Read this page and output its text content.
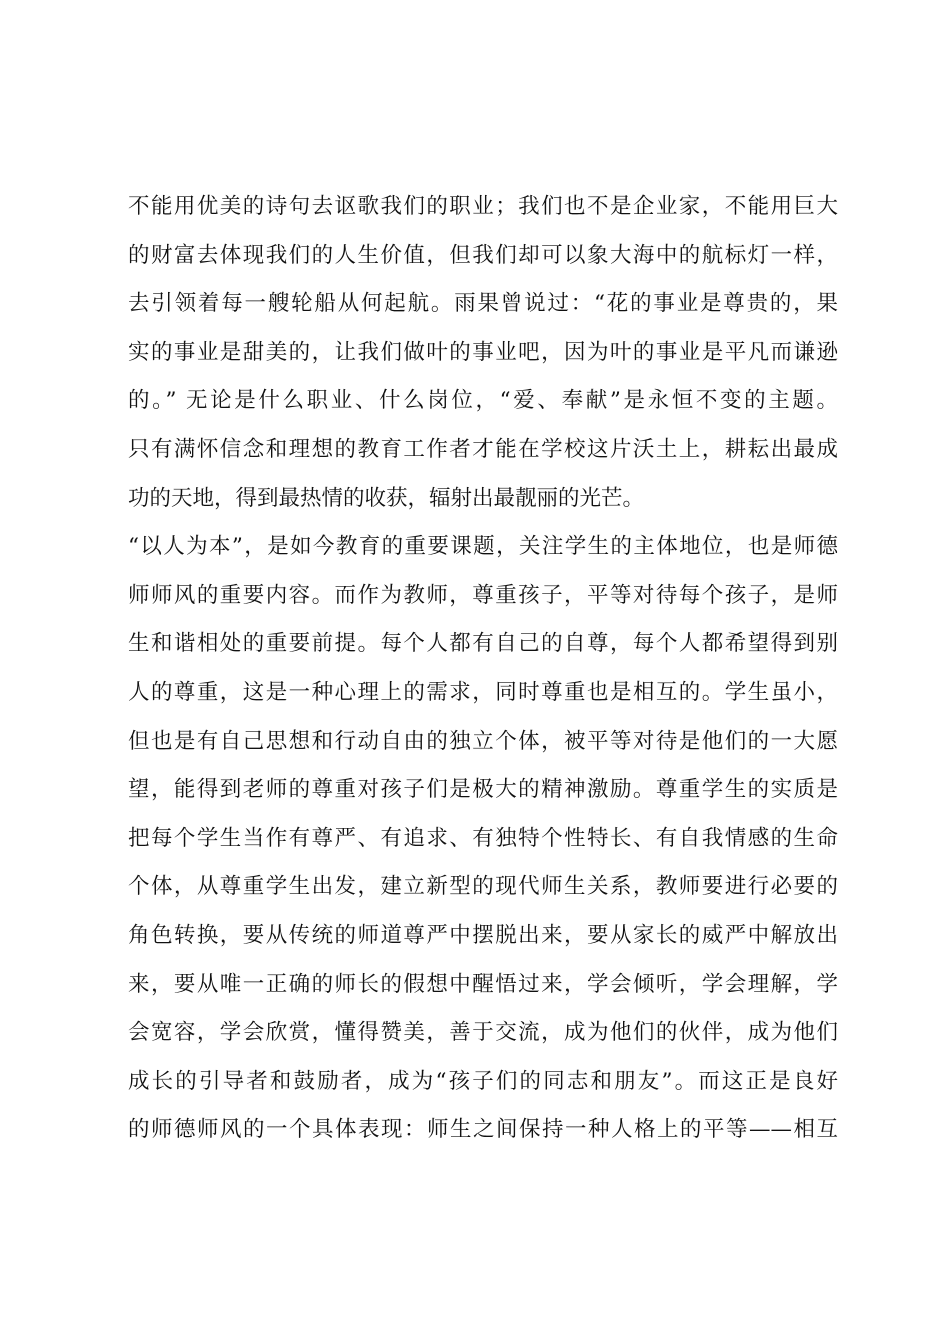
不能用优美的诗句去讴歌我们的职业；我们也不是企业家，不能用巨大
的财富去体现我们的人生价值，但我们却可以象大海中的航标灯一样，
去引领着每一艘轮船从何起航。雨果曾说过：“花的事业是尊贵的，果
实的事业是甜美的，让我们做叶的事业吧，因为叶的事业是平凡而谦逊
的。” 无论是什么职业、什么岗位，“爱、奉献”是永恒不变的主题。
只有满怀信念和理想的教育工作者才能在学校这片沃土上，耕耘出最成
功的天地，得到最热情的收获，辐射出最靓丽的光芒。
“以人为本”，是如今教育的重要课题，关注学生的主体地位，也是师德
师师风的重要内容。而作为教师，尊重孩子，平等对待每个孩子，是师
生和谐相处的重要前提。每个人都有自己的自尊，每个人都希望得到别
人的尊重，这是一种心理上的需求，同时尊重也是相互的。学生虽小，
但也是有自己思想和行动自由的独立个体，被平等对待是他们的一大愿
望，能得到老师的尊重对孩子们是极大的精神激励。尊重学生的实质是
把每个学生当作有尊严、有追求、有独特个性特长、有自我情感的生命
个体，从尊重学生出发，建立新型的现代师生关系，教师要进行必要的
角色转换，要从传统的师道尊严中摆脱出来，要从家长的威严中解放出
来，要从唯一正确的师长的假想中醒悟过来，学会倾听，学会理解，学
会宽容，学会欣赏，懂得赞美，善于交流，成为他们的伙伴，成为他们
成长的引导者和鼓励者，成为“孩子们的同志和朋友”。而这正是良好
的师德师风的一个具体表现：师生之间保持一种人格上的平等——相互
